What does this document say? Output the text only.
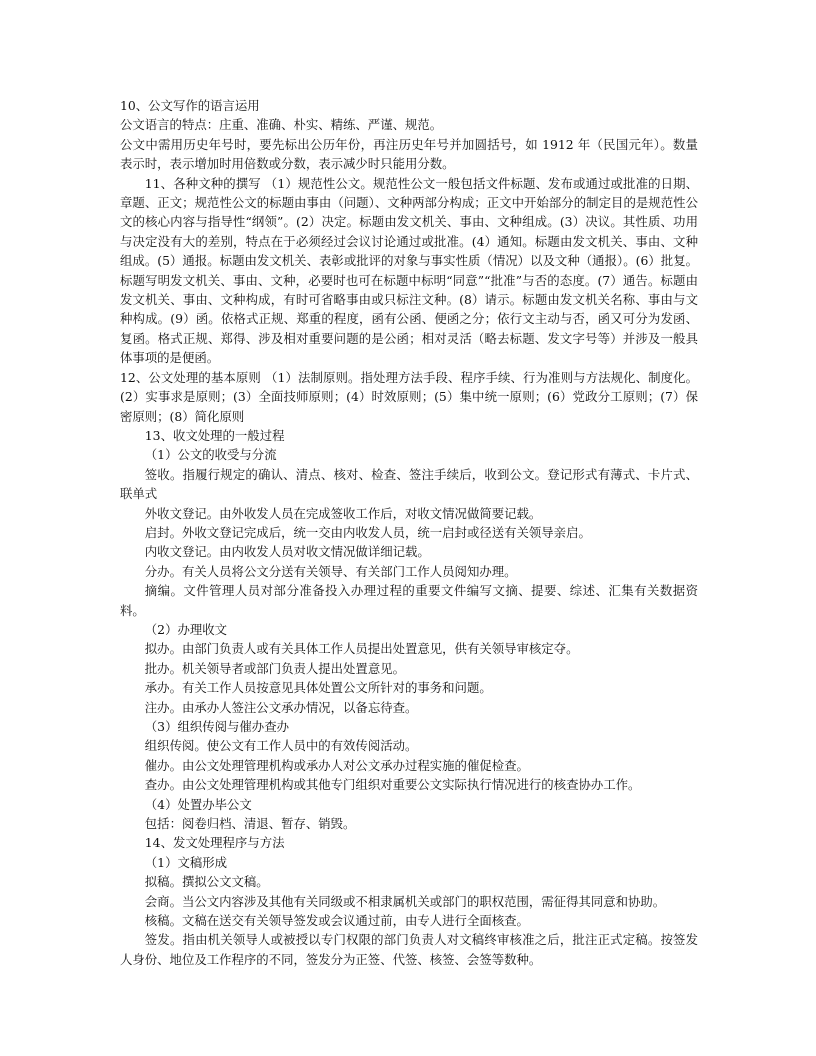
10、公文写作的语言运用

公文语言的特点：庄重、准确、朴实、精练、严谨、规范。

公文中需用历史年号时，要先标出公历年份，再注历史年号并加圆括号，如 1912 年（民国元年）。数量表示时，表示增加时用倍数或分数，表示减少时只能用分数。

11、各种文种的撰写 （1）规范性公文。规范性公文一般包括文件标题、发布或通过或批准的日期、章题、正文；规范性公文的标题由事由（问题）、文种两部分构成；正文中开始部分的制定目的是规范性公文的核心内容与指导性“纲领”。(2）决定。标题由发文机关、事由、文种组成。(3）决议。其性质、功用与决定没有大的差别，特点在于必须经过会议讨论通过或批准。(4）通知。标题由发文机关、事由、文种组成。(5）通报。标题由发文机关、表彰或批评的对象与事实性质（情况）以及文种（通报）。(6）批复。标题写明发文机关、事由、文种，必要时也可在标题中标明“同意”“批准”与否的态度。(7）通告。标题由发文机关、事由、文种构成，有时可省略事由或只标注文种。(8）请示。标题由发文机关名称、事由与文种构成。(9）函。依格式正规、郑重的程度，函有公函、便函之分；依行文主动与否，函又可分为发函、复函。格式正规、郑得、涉及相对重要问题的是公函；相对灵活（略去标题、发文字号等）并涉及一般具体事项的是便函。

12、公文处理的基本原则 （1）法制原则。指处理方法手段、程序手续、行为准则与方法规化、制度化。(2）实事求是原则；(3）全面技师原则；(4）时效原则；(5）集中统一原则；(6）党政分工原则；(7）保密原则；(8）简化原则

13、收文处理的一般过程

（1）公文的收受与分流

签收。指履行规定的确认、清点、核对、检查、签注手续后，收到公文。登记形式有薄式、卡片式、联单式

外收文登记。由外收发人员在完成签收工作后，对收文情况做简要记载。

启封。外收文登记完成后，统一交由内收发人员，统一启封或径送有关领导亲启。

内收文登记。由内收发人员对收文情况做详细记载。

分办。有关人员将公文分送有关领导、有关部门工作人员阅知办理。

摘编。文件管理人员对部分准备投入办理过程的重要文件编写文摘、提要、综述、汇集有关数据资料。

（2）办理收文

拟办。由部门负责人或有关具体工作人员提出处置意见，供有关领导审核定夺。

批办。机关领导者或部门负责人提出处置意见。

承办。有关工作人员按意见具体处置公文所针对的事务和问题。

注办。由承办人签注公文承办情况，以备忘待查。

（3）组织传阅与催办查办

组织传阅。使公文有工作人员中的有效传阅活动。

催办。由公文处理管理机构或承办人对公文承办过程实施的催促检查。

查办。由公文处理管理机构或其他专门组织对重要公文实际执行情况进行的核查协办工作。

（4）处置办毕公文

包括：阅卷归档、清退、暂存、销毁。

14、发文处理程序与方法

（1）文稿形成

拟稿。撰拟公文文稿。

会商。当公文内容涉及其他有关同级或不相隶属机关或部门的职权范围，需征得其同意和协助。

核稿。文稿在送交有关领导签发或会议通过前，由专人进行全面核查。

签发。指由机关领导人或被授以专门权限的部门负责人对文稿终审核准之后，批注正式定稿。按签发人身份、地位及工作程序的不同，签发分为正签、代签、核签、会签等数种。
